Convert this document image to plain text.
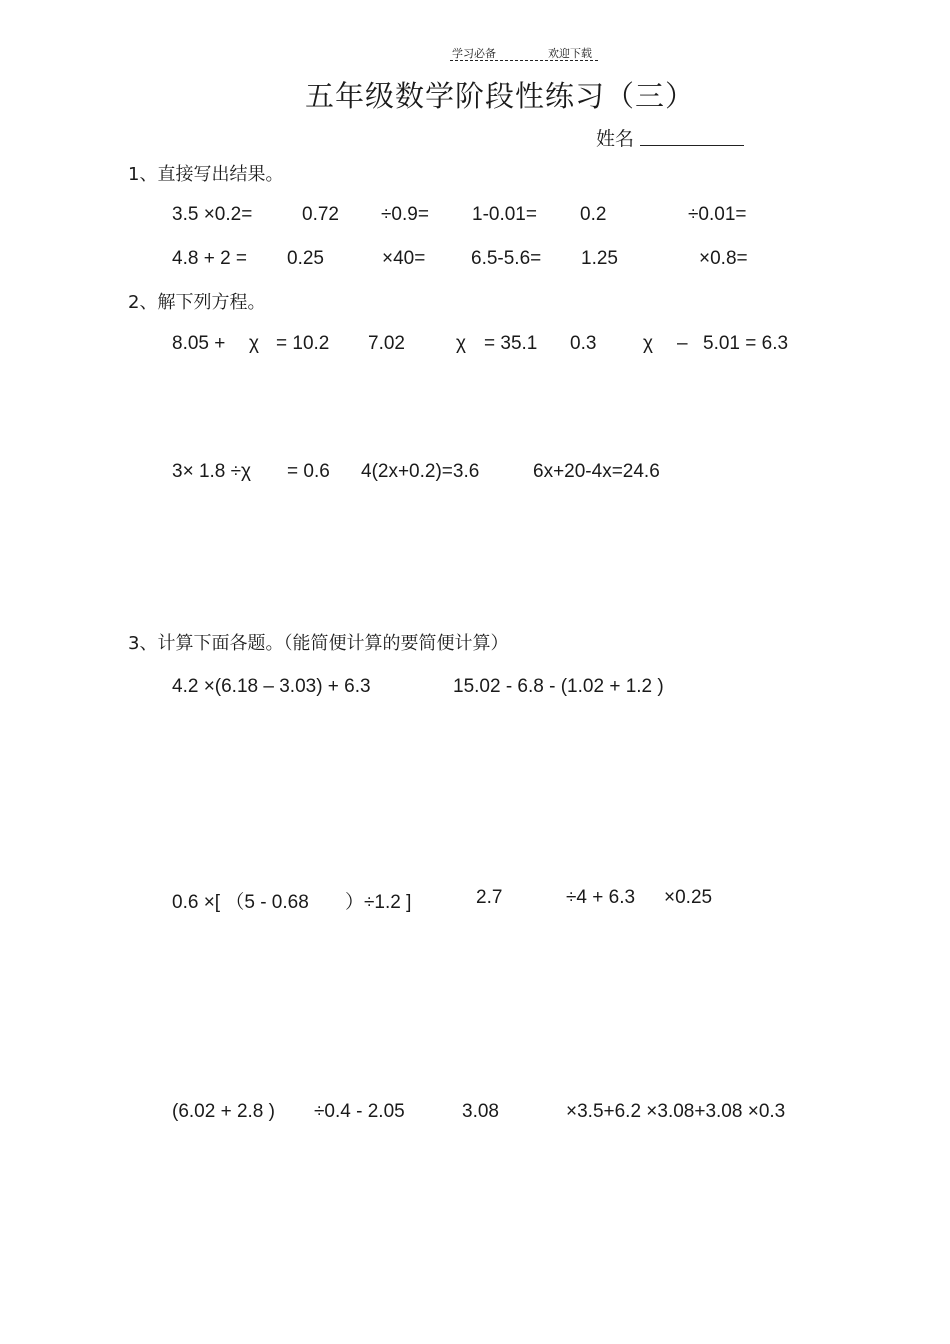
学习必备	欢迎下载
五年级数学阶段性练习（三）
姓名
1、直接写出结果。
3.5 ×0.2=	0.72 ÷0.9= 1-0.01= 0.2	÷0.01=
4.8 + 2 = 0.25	×40= 6.5-5.6= 1.25	×0.8=
2、解下列方程。
8.05 + χ = 10.2 7.02	χ = 35.1 0.3 χ – 5.01 = 6.3
3× 1.8 ÷χ = 0.6 4(2x+0.2)=3.6	6x+20-4x=24.6
3、计算下面各题。（能简便计算的要简便计算）
4.2 ×(6.18 – 3.03) + 6.3	15.02 - 6.8 - (1.02 + 1.2 )
0.6 ×[ （5 - 0.68 ）÷1.2 ]	2.7	÷4 + 6.3 ×0.25
(6.02 + 2.8 ) ÷0.4 - 2.05	3.08	×3.5+6.2 ×3.08+3.08 ×0.3
